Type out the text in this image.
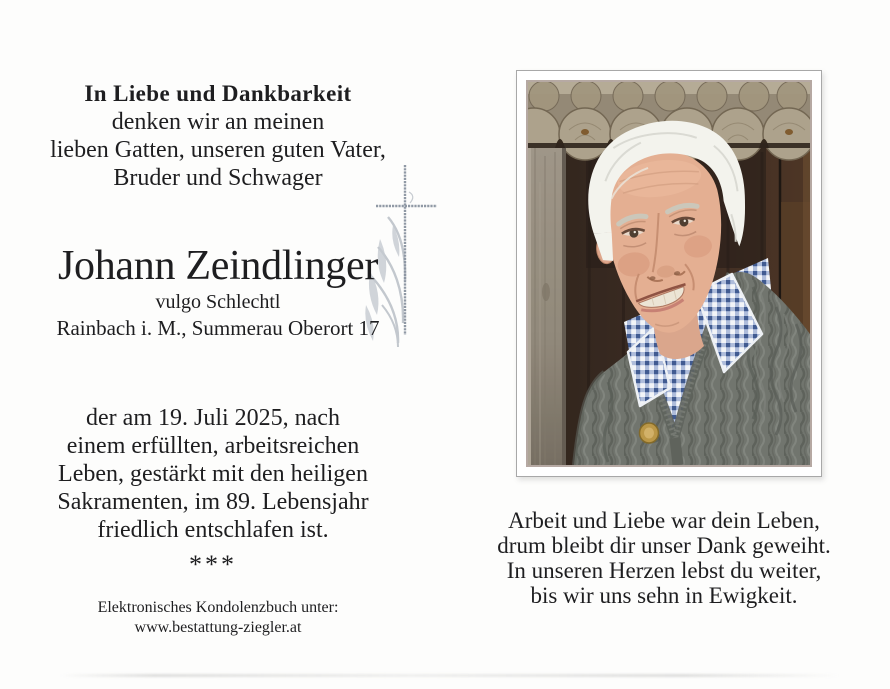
In Liebe und Dankbarkeit
denken wir an meinen
lieben Gatten, unseren guten Vater,
Bruder und Schwager
Johann Zeindlinger
vulgo Schlechtl
Rainbach i. M., Summerau Oberort 17
der am 19. Juli 2025, nach
einem erfüllten, arbeitsreichen
Leben, gestärkt mit den heiligen
Sakramenten, im 89. Lebensjahr
friedlich entschlafen ist.
***
Elektronisches Kondolenzbuch unter:
www.bestattung-ziegler.at
Arbeit und Liebe war dein Leben,
drum bleibt dir unser Dank geweiht.
In unseren Herzen lebst du weiter,
bis wir uns sehn in Ewigkeit.
